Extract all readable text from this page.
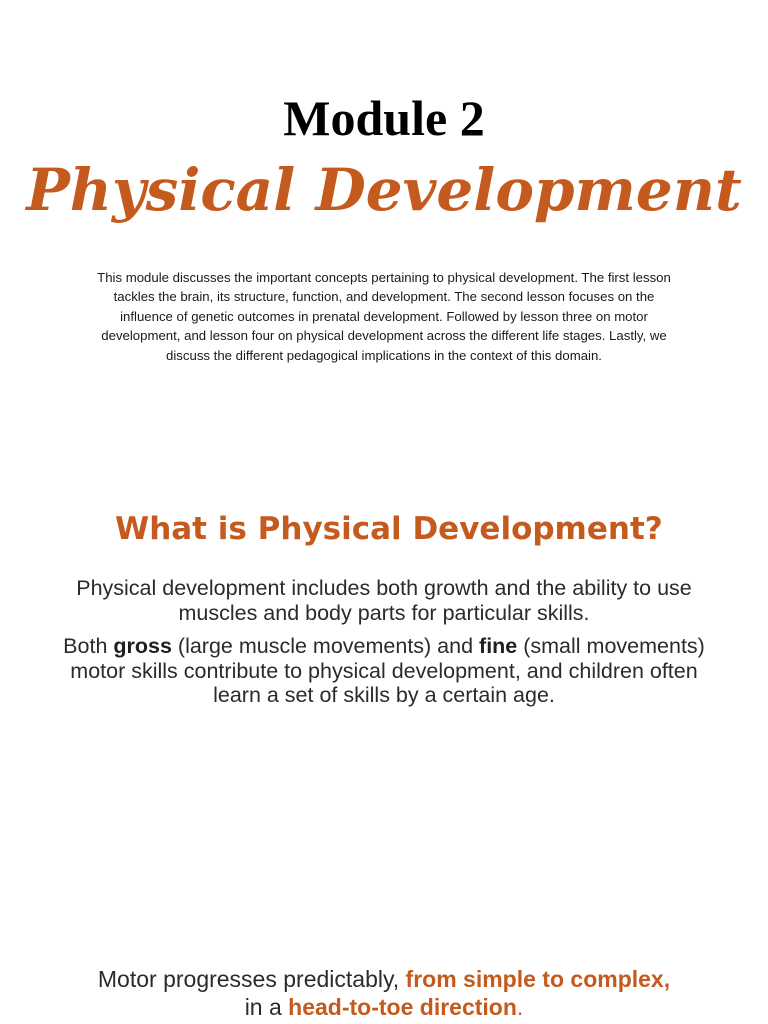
Module 2
Physical Development
This module discusses the important concepts pertaining to physical development. The first lesson tackles the brain, its structure, function, and development. The second lesson focuses on the influence of genetic outcomes in prenatal development. Followed by lesson three on motor development, and lesson four on physical development across the different life stages. Lastly, we discuss the different pedagogical implications in the context of this domain.
What is Physical Development?
Physical development includes both growth and the ability to use muscles and body parts for particular skills.
Both gross (large muscle movements) and fine (small movements) motor skills contribute to physical development, and children often learn a set of skills by a certain age.
Motor progresses predictably, from simple to complex,
in a head-to-toe direction.
